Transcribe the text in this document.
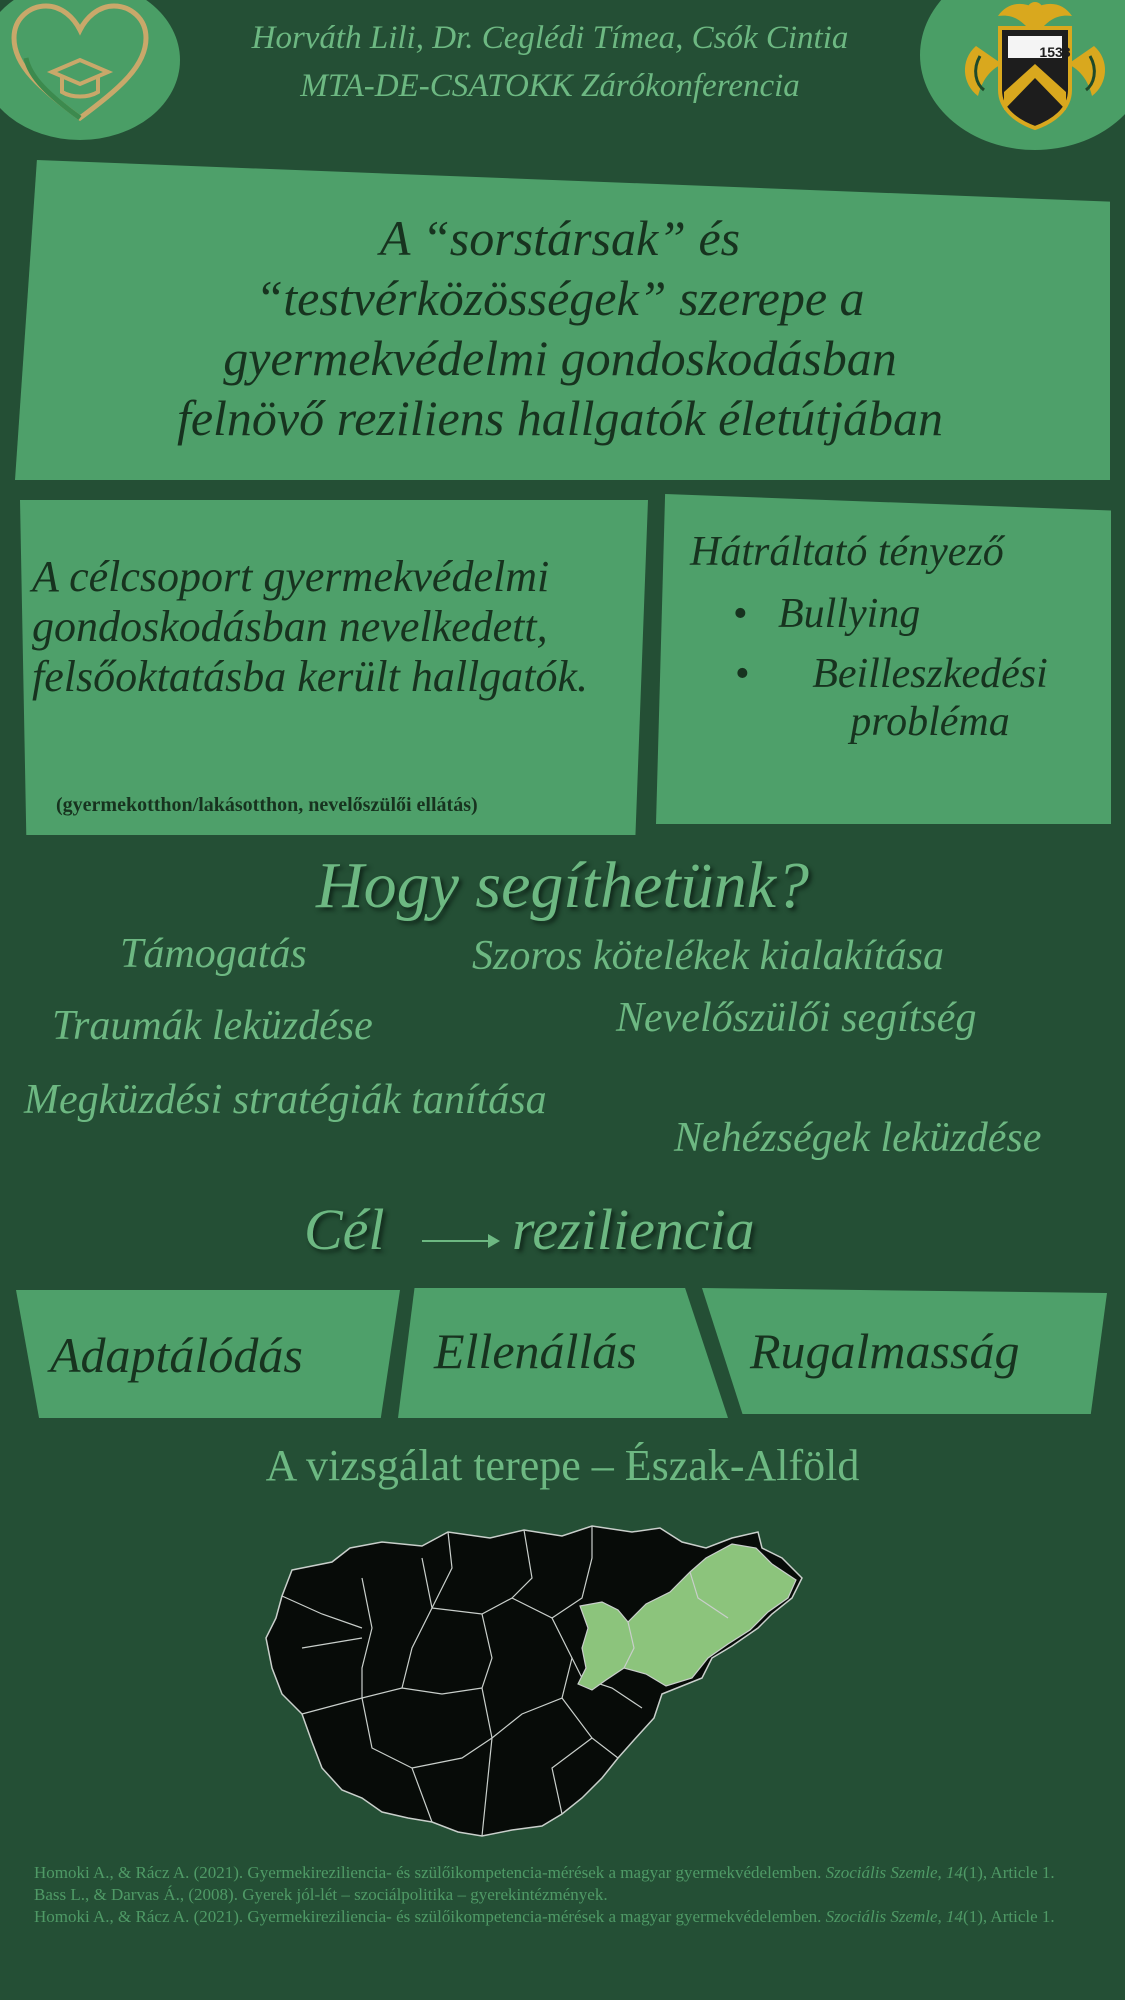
Horváth Lili, Dr. Ceglédi Tímea, Csók Cintia
MTA-DE-CSATOKK Zárókonferencia
1538
A “sorstársak” és
“testvérközösségek” szerepe a
gyermekvédelmi gondoskodásban
felnövő reziliens hallgatók életútjában
A célcsoport gyermekvédelmi gondoskodásban nevelkedett, felsőoktatásba került hallgatók.
(gyermekotthon/lakásotthon, nevelőszülői ellátás)
Hátráltató tényező
• Bullying
• Beilleszkedési probléma
Hogy segíthetünk?
Támogatás	Szoros kötelékek kialakítása
Traumák leküzdése	Nevelőszülői segítség
Megküzdési stratégiák tanítása
Nehézségek leküzdése
Cél reziliencia
Adaptálódás	Ellenállás Rugalmasság
A vizsgálat terepe – Észak-Alföld

Homoki A., & Rácz A. (2021). Gyermekireziliencia- és szülőikompetencia-mérések a magyar gyermekvédelemben. Szociális Szemle, 14(1), Article 1.

Bass L., & Darvas Á., (2008). Gyerek jól-lét – szociálpolitika – gyerekintézmények.

Homoki A., & Rácz A. (2021). Gyermekireziliencia- és szülőikompetencia-mérések a magyar gyermekvédelemben. Szociális Szemle, 14(1), Article 1.
